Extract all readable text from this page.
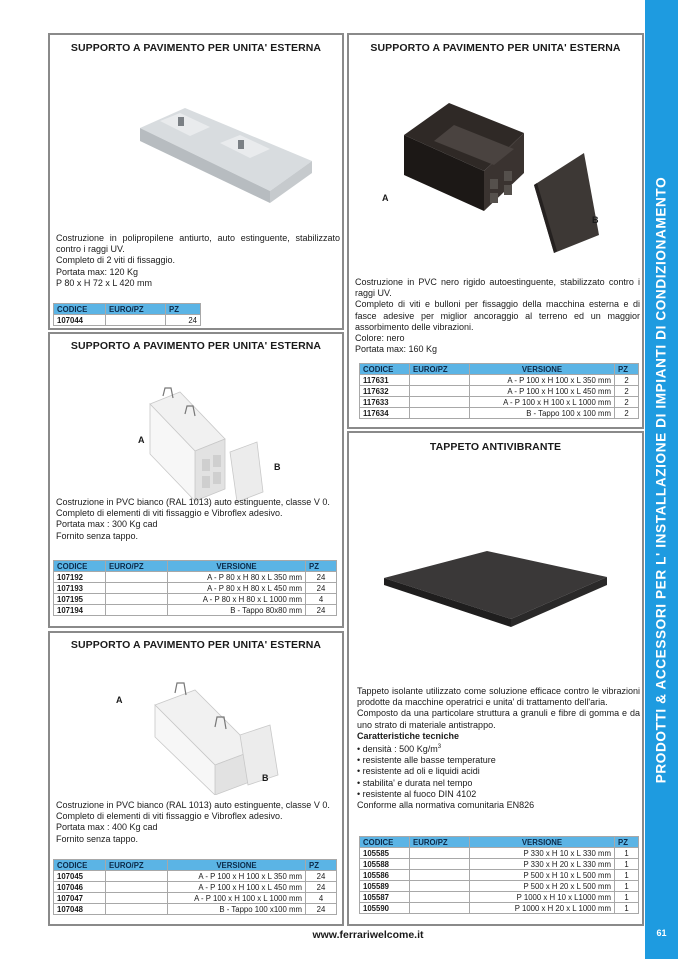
PRODOTTI & ACCESSORI PER L' INSTALLAZIONE DI IMPIANTI DI CONDIZIONAMENTO
61
www.ferrariwelcome.it
SUPPORTO A PAVIMENTO PER UNITA' ESTERNA
Costruzione in polipropilene antiurto, auto estinguente, stabilizzato contro i raggi UV.
Completo di 2 viti di fissaggio.
Portata max: 120 Kg
P 80 x H 72 x L 420 mm
CODICE	EURO/PZ	PZ
107044		24
SUPPORTO A PAVIMENTO PER UNITA' ESTERNA
A
B
Costruzione in PVC nero rigido autoestinguente, stabilizzato contro i raggi UV.
Completo di viti e bulloni per fissaggio della macchina esterna e di fasce adesive per miglior ancoraggio al terreno ed un maggior assorbimento delle vibrazioni.
Colore: nero
Portata max: 160 Kg
CODICE	EURO/PZ	VERSIONE	PZ
117631		A - P 100 x H 100 x L 350 mm	2
117632		A - P 100 x H 100 x L 450 mm	2
117633		A - P 100 x H 100 x L 1000 mm	2
117634		B - Tappo 100 x 100 mm	2
SUPPORTO A PAVIMENTO PER UNITA' ESTERNA
A
B
Costruzione in PVC bianco (RAL 1013) auto estinguente, classe V 0.
Completo di elementi di viti fissaggio e Vibroflex adesivo.
Portata max : 300 Kg cad
Fornito senza tappo.
CODICE	EURO/PZ	VERSIONE	PZ
107192		A - P 80 x H 80 x L 350 mm	24
107193		A - P 80 x H 80 x L 450 mm	24
107195		A - P 80 x H 80 x L 1000 mm	4
107194		B - Tappo 80x80 mm	24
TAPPETO ANTIVIBRANTE
Tappeto isolante utilizzato come soluzione efficace contro le vibrazioni prodotte da macchine operatrici e unita' di trattamento dell'aria.
Composto da una particolare struttura a granuli e fibre di gomma e da uno strato di materiale antistrappo.
Caratteristiche tecniche
• densità : 500 $Kg/m^3$
• resistente alle basse temperature
• resistente ad oli e liquidi acidi
• stabilita' e durata nel tempo
• resistente al fuoco DIN 4102
Conforme alla normativa comunitaria EN826
CODICE	EURO/PZ	VERSIONE	PZ
105585		P 330 x H 10 x L 330 mm	1
105588		P 330 x H 20 x L 330 mm	1
105586		P 500 x H 10 x L 500 mm	1
105589		P 500 x H 20 x L 500 mm	1
105587		P 1000 x H 10 x L1000 mm	1
105590		P 1000 x H 20 x L 1000 mm	1
SUPPORTO A PAVIMENTO PER UNITA' ESTERNA
A
B
Costruzione in PVC bianco (RAL 1013) auto estinguente, classe V 0.
Completo di elementi di viti fissaggio e Vibroflex adesivo.
Portata max : 400 Kg cad
Fornito senza tappo.
CODICE	EURO/PZ	VERSIONE	PZ
107045		A - P 100 x H 100 x L 350 mm	24
107046		A - P 100 x H 100 x L 450 mm	24
107047		A - P 100 x H 100 x L 1000 mm	4
107048		B - Tappo 100 x100 mm	24
